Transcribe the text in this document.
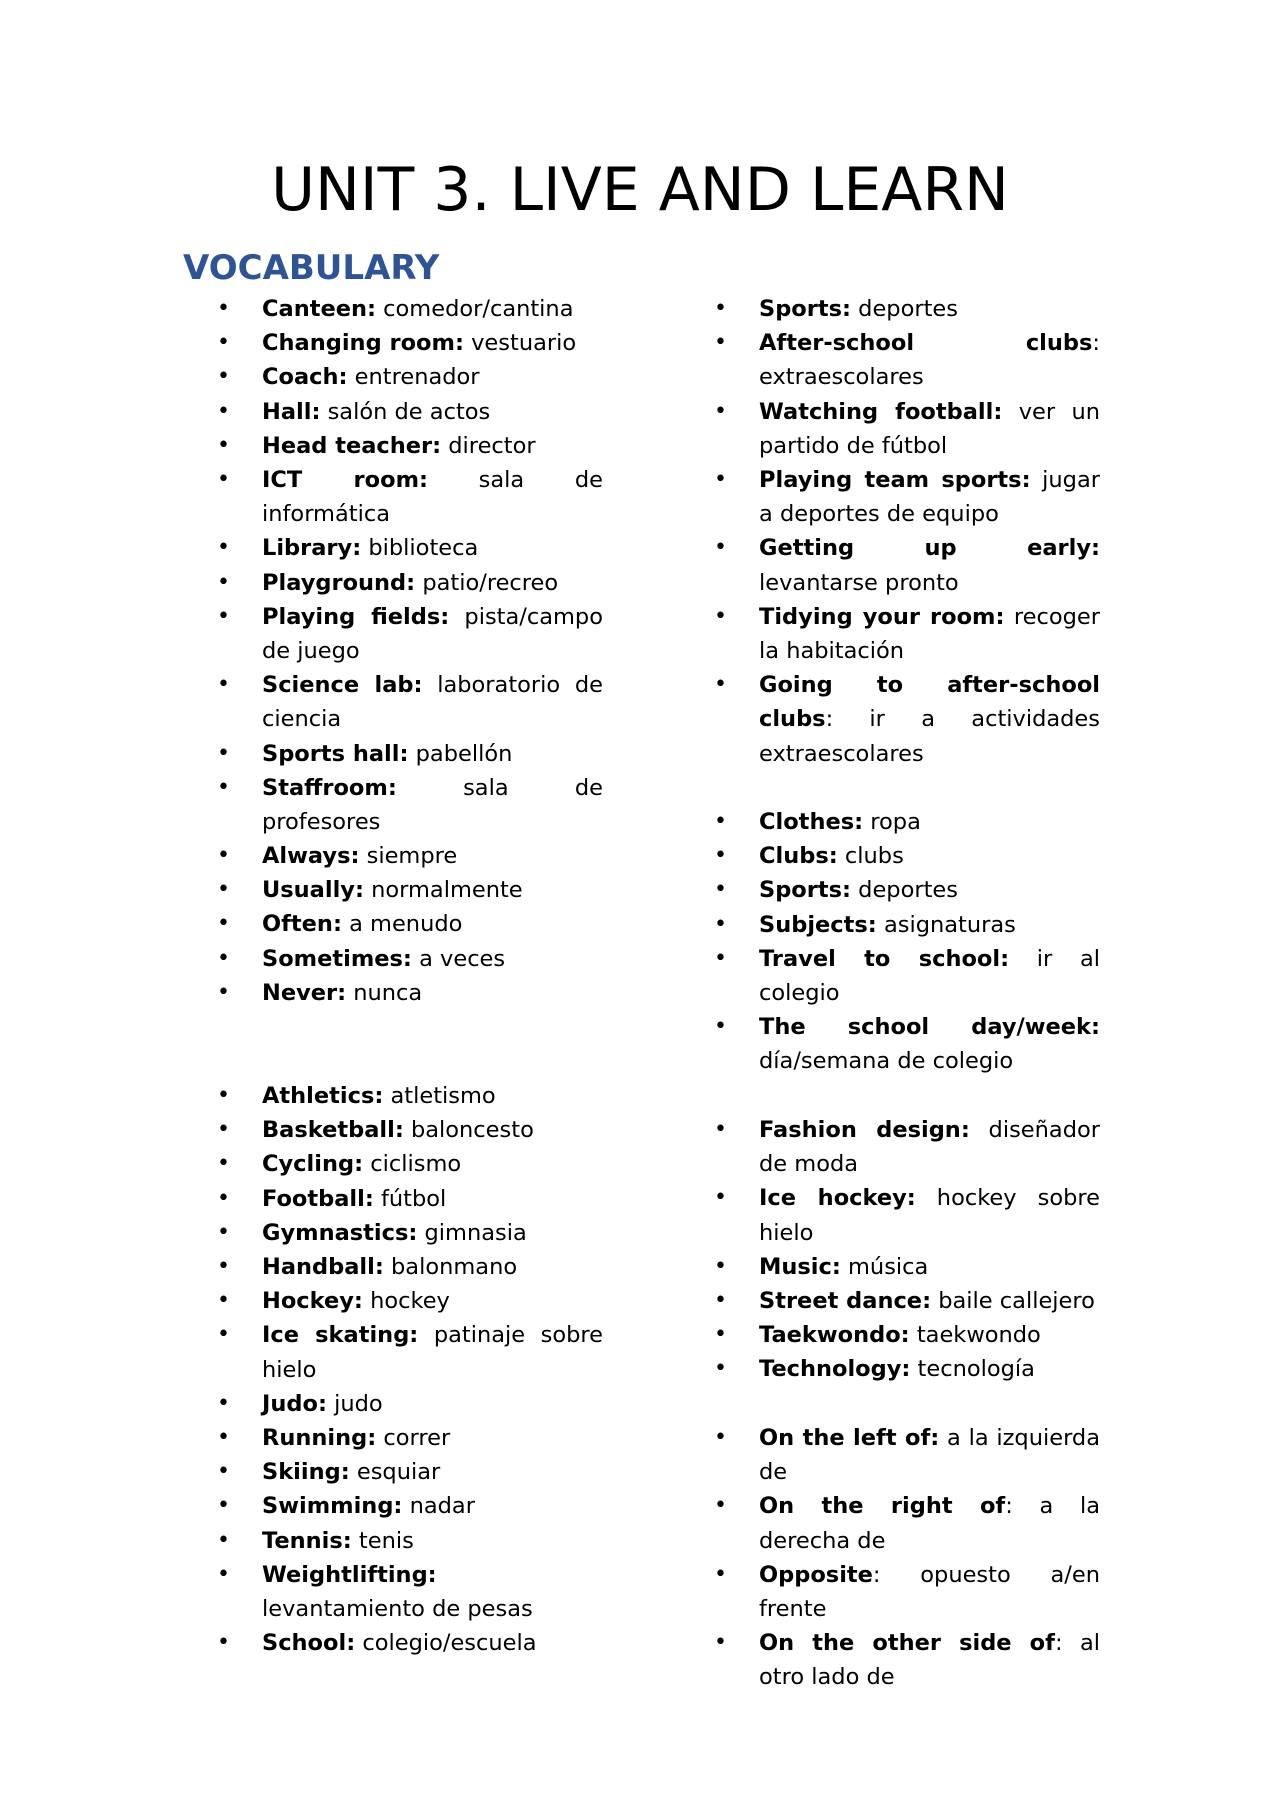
UNIT 3. LIVE AND LEARN
VOCABULARY
• Canteen: comedor/cantina
• Changing room: vestuario
• Coach: entrenador
• Hall: salón de actos
• Head teacher: director
• ICT room: sala de informática
• Library: biblioteca
• Playground: patio/recreo
• Playing fields: pista/campo de juego
• Science lab: laboratorio de ciencia
• Sports hall: pabellón
• Staffroom: sala de profesores
• Sports: deportes
• After-school clubs: extraescolares
• Watching football: ver un partido de fútbol
• Playing team sports: jugar a deportes de equipo
• Getting up early: levantarse pronto
• Tidying your room: recoger la habitación
• Going to after-school clubs: ir a actividades extraescolares
• Always: siempre
• Usually: normalmente
• Often: a menudo
• Sometimes: a veces
• Never: nunca
• Clothes: ropa
• Clubs: clubs
• Sports: deportes
• Subjects: asignaturas
• Travel to school: ir al colegio
• The school day/week: día/semana de colegio
• Athletics: atletismo
• Basketball: baloncesto
• Cycling: ciclismo
• Football: fútbol
• Gymnastics: gimnasia
• Handball: balonmano
• Hockey: hockey
• Ice skating: patinaje sobre hielo
• Judo: judo
• Running: correr
• Skiing: esquiar
• Swimming: nadar
• Tennis: tenis
• Weightlifting: levantamiento de pesas
• School: colegio/escuela
• Fashion design: diseñador de moda
• Ice hockey: hockey sobre hielo
• Music: música
• Street dance: baile callejero
• Taekwondo: taekwondo
• Technology: tecnología
• On the left of: a la izquierda de
• On the right of: a la derecha de
• Opposite: opuesto a/en frente
• On the other side of: al otro lado de
